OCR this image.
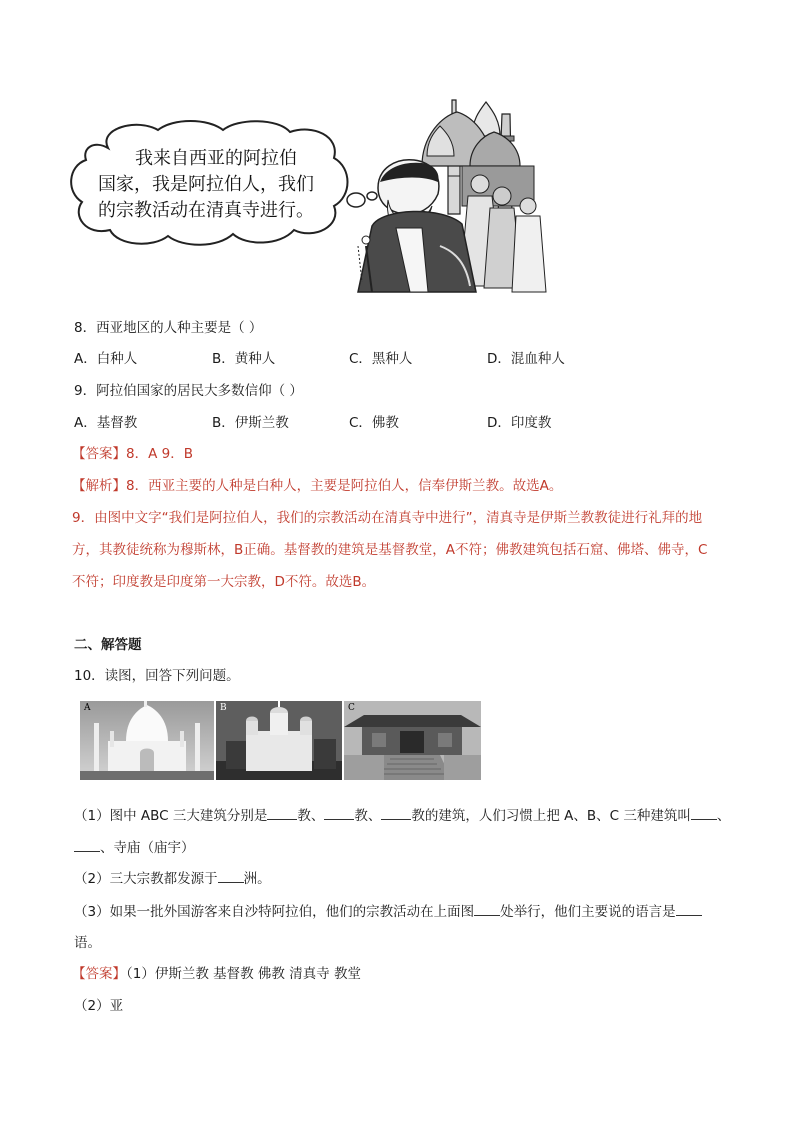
我来自西亚的阿拉伯
国家，我是阿拉伯人，我们
的宗教活动在清真寺进行。
8．西亚地区的人种主要是（ ）
A．白种人	B．黄种人	C．黑种人	D．混血种人
9．阿拉伯国家的居民大多数信仰（ ）
A．基督教	B．伊斯兰教	C．佛教	D．印度教
【答案】8．A 9．B
【解析】8．西亚主要的人种是白种人，主要是阿拉伯人，信奉伊斯兰教。故选A。
9．由图中文字“我们是阿拉伯人，我们的宗教活动在清真寺中进行”，清真寺是伊斯兰教教徒进行礼拜的地
方，其教徒统称为穆斯林，B正确。基督教的建筑是基督教堂，A不符；佛教建筑包括石窟、佛塔、佛寺，C
不符；印度教是印度第一大宗教，D不符。故选B。
二、解答题
10．读图，回答下列问题。
A	B	C
（1）图中 ABC 三大建筑分别是 教、 教、 教的建筑，人们习惯上把 A、B、C 三种建筑叫 、
、寺庙（庙宇）
（2）三大宗教都发源于 洲。
（3）如果一批外国游客来自沙特阿拉伯，他们的宗教活动在上面图 处举行，他们主要说的语言是
语。
【答案】（1）伊斯兰教 基督教 佛教 清真寺 教堂
（2）亚
